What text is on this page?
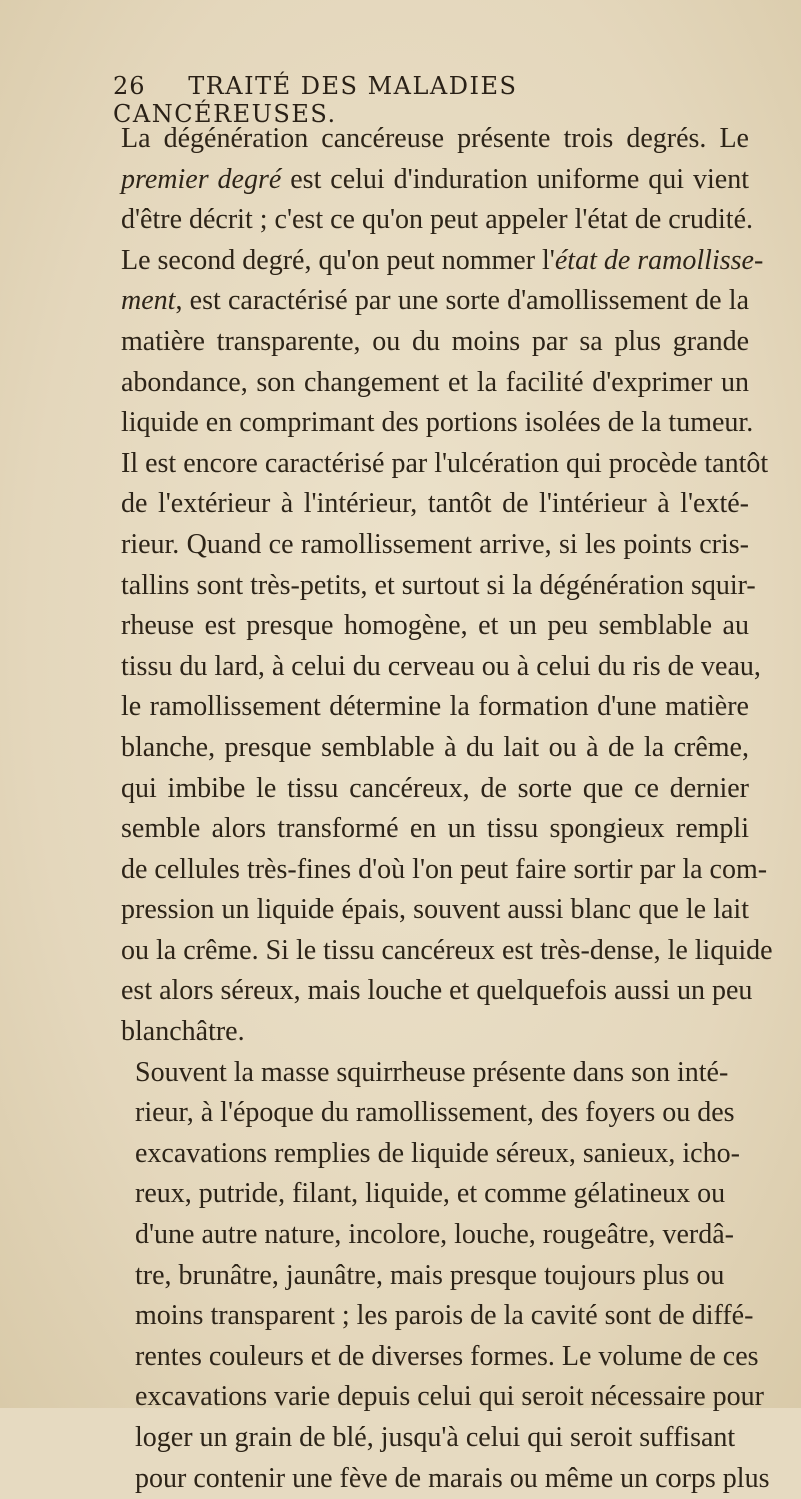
26 TRAITÉ DES MALADIES CANCÉREUSES.

La dégénération cancéreuse présente trois degrés. Le
premier degré est celui d'induration uniforme qui vient
d'être décrit ; c'est ce qu'on peut appeler l'état de crudité.
Le second degré, qu'on peut nommer l'état de ramollisse-
ment, est caractérisé par une sorte d'amollissement de la
matière transparente, ou du moins par sa plus grande
abondance, son changement et la facilité d'exprimer un
liquide en comprimant des portions isolées de la tumeur.
Il est encore caractérisé par l'ulcération qui procède tantôt
de l'extérieur à l'intérieur, tantôt de l'intérieur à l'exté-
rieur. Quand ce ramollissement arrive, si les points cris-
tallins sont très-petits, et surtout si la dégénération squir-
rheuse est presque homogène, et un peu semblable au
tissu du lard, à celui du cerveau ou à celui du ris de veau,
le ramollissement détermine la formation d'une matière
blanche, presque semblable à du lait ou à de la crême,
qui imbibe le tissu cancéreux, de sorte que ce dernier
semble alors transformé en un tissu spongieux rempli
de cellules très-fines d'où l'on peut faire sortir par la com-
pression un liquide épais, souvent aussi blanc que le lait
ou la crême. Si le tissu cancéreux est très-dense, le liquide
est alors séreux, mais louche et quelquefois aussi un peu
blanchâtre.

Souvent la masse squirrheuse présente dans son inté-
rieur, à l'époque du ramollissement, des foyers ou des
excavations remplies de liquide séreux, sanieux, icho-
reux, putride, filant, liquide, et comme gélatineux ou
d'une autre nature, incolore, louche, rougeâtre, verdâ-
tre, brunâtre, jaunâtre, mais presque toujours plus ou
moins transparent ; les parois de la cavité sont de diffé-
rentes couleurs et de diverses formes. Le volume de ces
excavations varie depuis celui qui seroit nécessaire pour
loger un grain de blé, jusqu'à celui qui seroit suffisant
pour contenir une fève de marais ou même un corps plus
